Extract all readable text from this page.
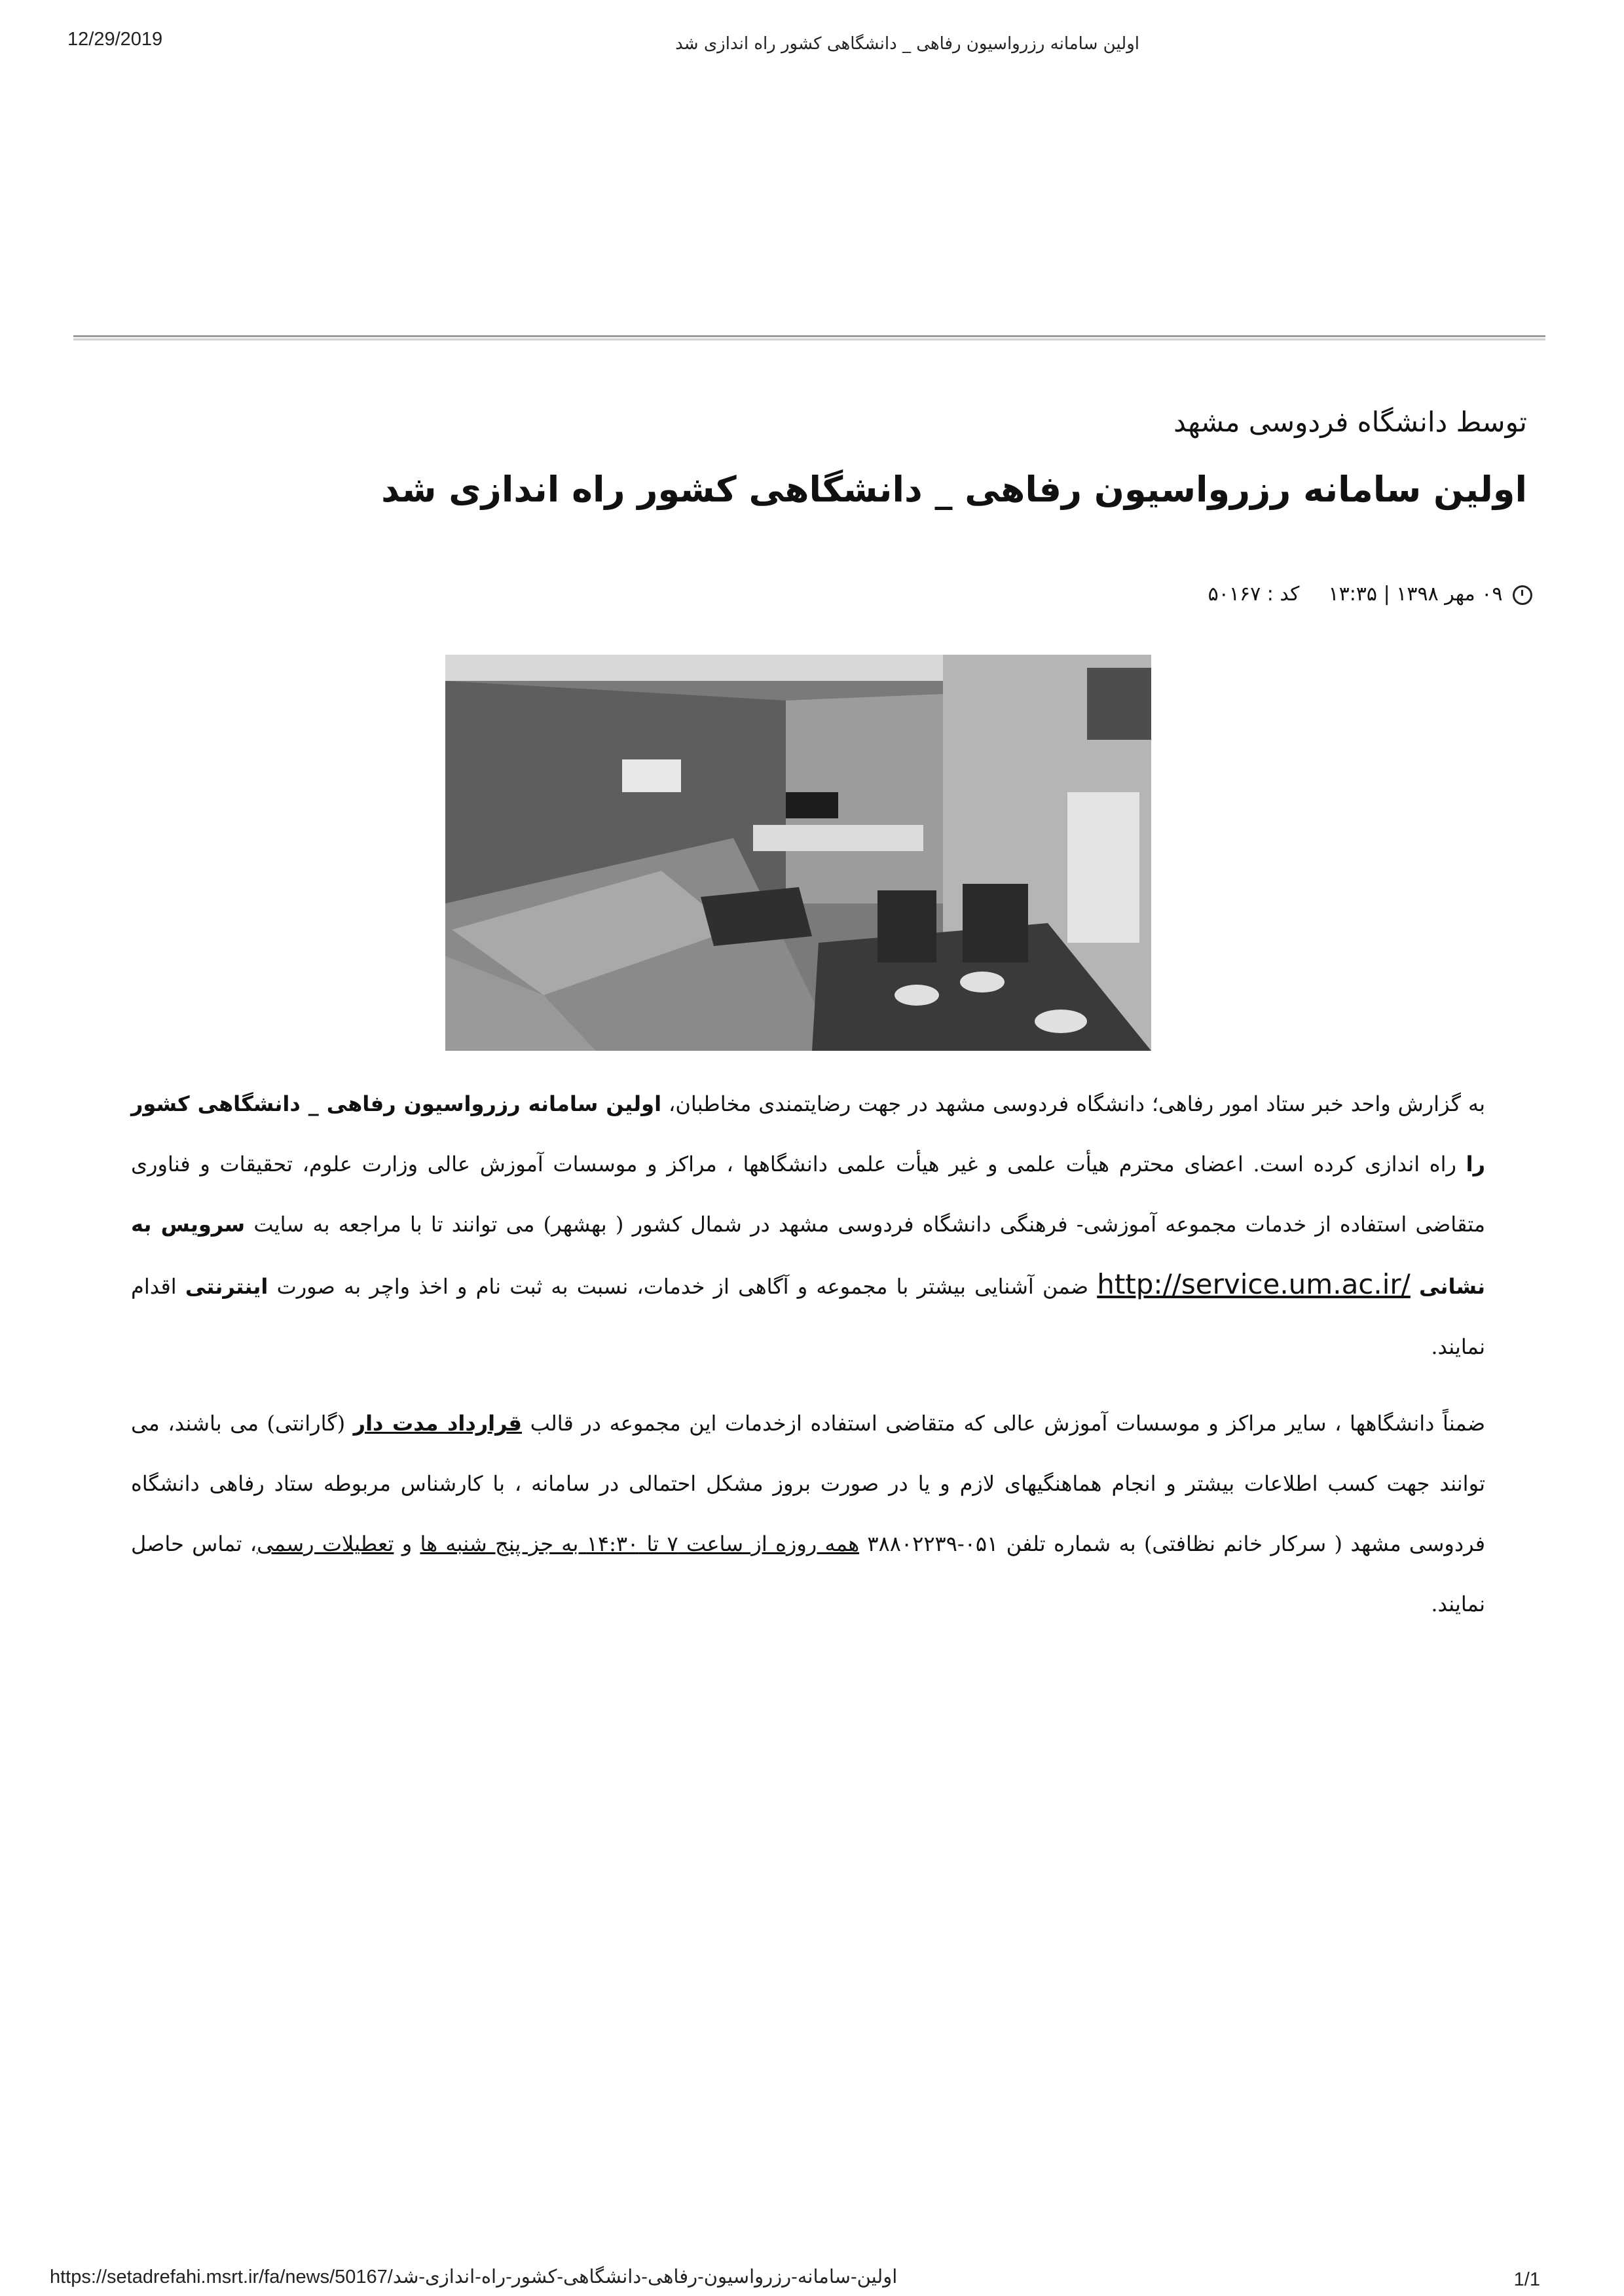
12/29/2019	اولین سامانه رزرواسیون رفاهی _ دانشگاهی کشور راه اندازی شد
توسط دانشگاه فردوسی مشهد
اولین سامانه رزرواسیون رفاهی _ دانشگاهی کشور راه اندازی شد
۰۹ مهر ۱۳۹۸ | ۱۳:۳۵
کد : ۵۰۱۶۷
به گزارش واحد خبر ستاد امور رفاهی؛ دانشگاه فردوسی مشهد در جهت رضایتمندی مخاطبان، اولین سامانه رزرواسیون رفاهی _ دانشگاهی کشور را راه اندازی کرده است. اعضای محترم هیأت علمی و غیر هیأت علمی دانشگاهها ، مراکز و موسسات آموزش عالی وزارت علوم، تحقیقات و فناوری متقاضی استفاده از خدمات مجموعه آموزشی- فرهنگی دانشگاه فردوسی مشهد در شمال کشور ( بهشهر) می توانند تا با مراجعه به سایت سرویس به نشانی http://service.um.ac.ir/ ضمن آشنایی بیشتر با مجموعه و آگاهی از خدمات، نسبت به ثبت نام و اخذ واچر به صورت اینترنتی اقدام نمایند.
ضمناً دانشگاهها ، سایر مراکز و موسسات آموزش عالی که متقاضی استفاده ازخدمات این مجموعه در قالب قرارداد مدت دار (گارانتی) می باشند، می توانند جهت کسب اطلاعات بیشتر و انجام هماهنگیهای لازم و یا در صورت بروز مشکل احتمالی در سامانه ، با کارشناس مربوطه ستاد رفاهی دانشگاه فردوسی مشهد ( سرکار خانم نظافتی) به شماره تلفن ۰۵۱-۳۸۸۰۲۲۳۹ همه روزه از ساعت ۷ تا ۱۴:۳۰ به جز پنج شنبه ها و تعطیلات رسمی، تماس حاصل نمایند.
https://setadrefahi.msrt.ir/fa/news/50167/اولین-سامانه-رزرواسیون-رفاهی-دانشگاهی-کشور-راه-اندازی-شد	1/1
